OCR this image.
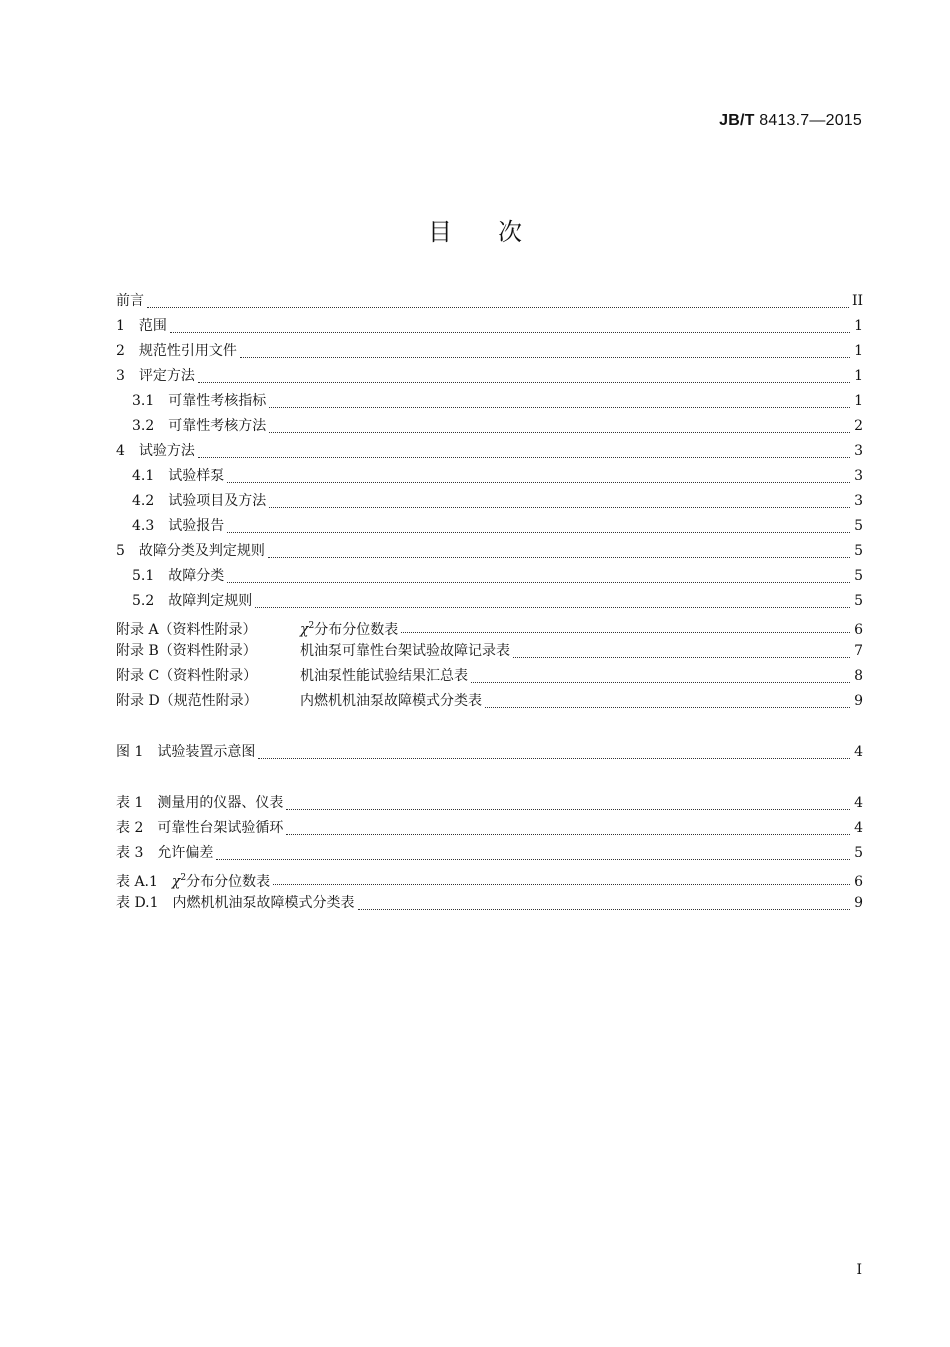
JB/T 8413.7—2015
目次
前言	II
1 范围	1
2 规范性引用文件	1
3 评定方法	1
3.1 可靠性考核指标	1
3.2 可靠性考核方法	2
4 试验方法	3
4.1 试验样泵	3
4.2 试验项目及方法	3
4.3 试验报告	5
5 故障分类及判定规则	5
5.1 故障分类	5
5.2 故障判定规则	5
附录 A（资料性附录）	$\chi^2$ 分布分位数表	6
附录 B（资料性附录）	机油泵可靠性台架试验故障记录表	7
附录 C（资料性附录）	机油泵性能试验结果汇总表	8
附录 D（规范性附录）	内燃机机油泵故障模式分类表	9
图 1 试验装置示意图	4
表 1 测量用的仪器、仪表	4
表 2 可靠性台架试验循环	4
表 3 允许偏差	5
表 A.1 $\chi^2$ 分布分位数表	6
表 D.1 内燃机机油泵故障模式分类表	9
I
